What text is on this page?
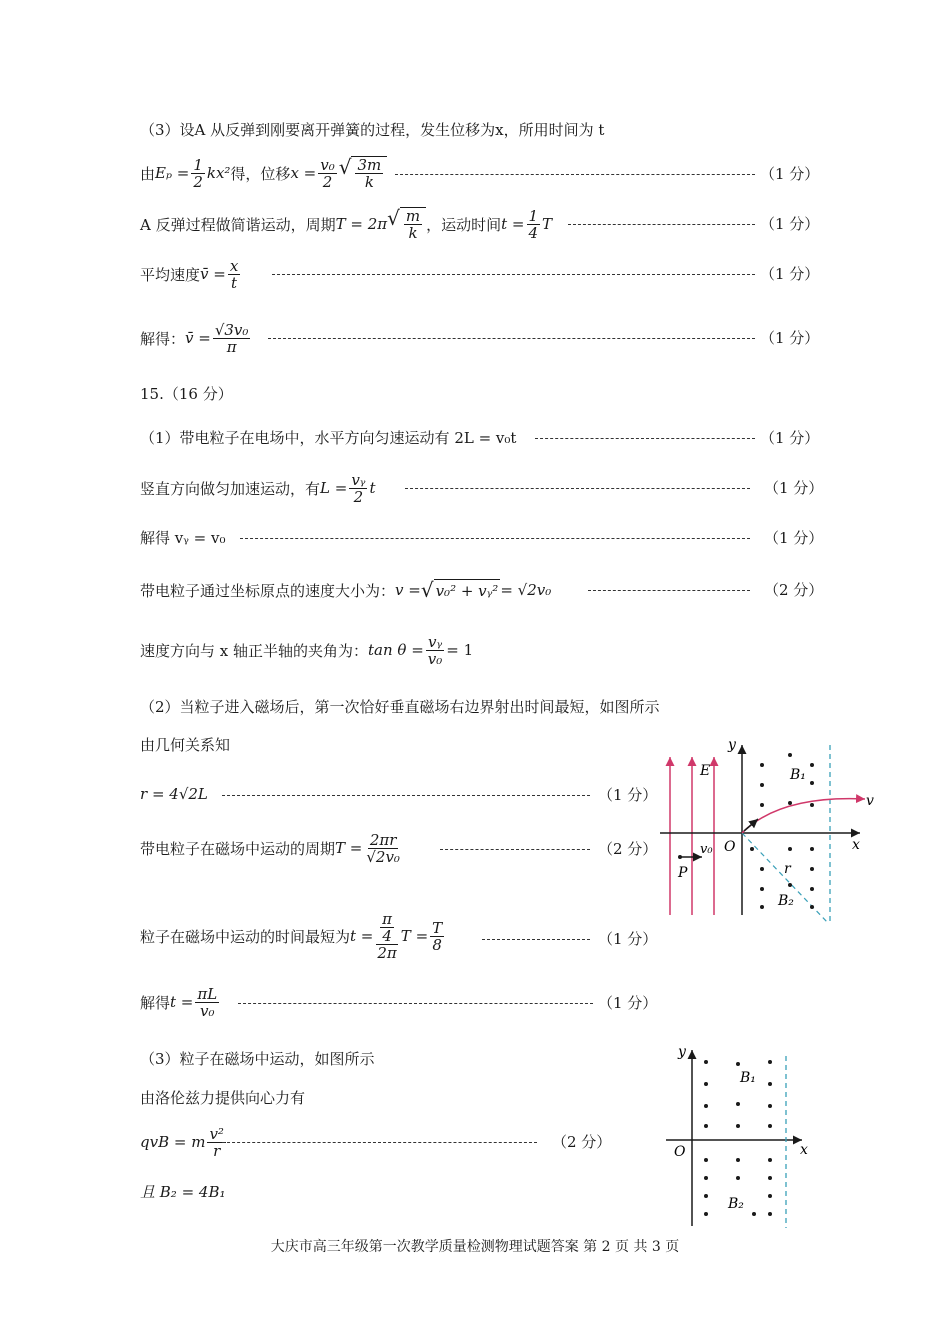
（3）设A 从反弹到刚要离开弹簧的过程，发生位移为x，所用时间为 t
由 $E_p = \frac{1}{2} kx^2$ 得，位移 $x = \frac{\text{v₀}}{2}$ √ $\frac{3m}{k}$	（1 分）
A 反弹过程做简谐运动，周期 T = 2π √ $\frac{m}{k}$ ，运动时间 $t = \frac{1}{4}$ T	（1 分）
平均速度 v̄ = $\frac{x}{t}$	（1 分）
解得： v̄ = $\frac{\text{√3v₀}}{\pi}$	（1 分）
15.（16 分）
（1）带电粒子在电场中，水平方向匀速运动有 2L = v₀t	（1 分）
竖直方向做匀加速运动，有 $L = \frac{\text{vᵧ}}{2}$ t	（1 分）
解得 vᵧ = v₀	（1 分）
带电粒子通过坐标原点的速度大小为： v = √ v₀² + vᵧ² = √2v₀	（2 分）
速度方向与 x 轴正半轴的夹角为： $\tan \theta = \frac{\text{vᵧ}}{\text{v₀}} = 1$
（2）当粒子进入磁场后，第一次恰好垂直磁场右边界射出时间最短，如图所示
由几何关系知
r = 4√2L	（1 分）
带电粒子在磁场中运动的周期 $T = \frac{2\pi r}{\text{√2v₀}}$	（2 分）
粒子在磁场中运动的时间最短为 $t = \frac{\frac{\pi}{4}}{2\pi}$ $T = \frac{T}{8}$	（1 分）
解得 $t = \frac{\pi L}{\text{v₀}}$	（1 分）
（3）粒子在磁场中运动，如图所示
由洛伦兹力提供向心力有
qvB = m $\frac{\text{v²}}{r}$	（2 分）
且 B₂ = 4B₁
大庆市高三年级第一次教学质量检测物理试题答案 第 2 页 共 3 页
y
x
E	B₁
B₂
O
P
v₀
v
r
y
x
B₁
B₂
O
